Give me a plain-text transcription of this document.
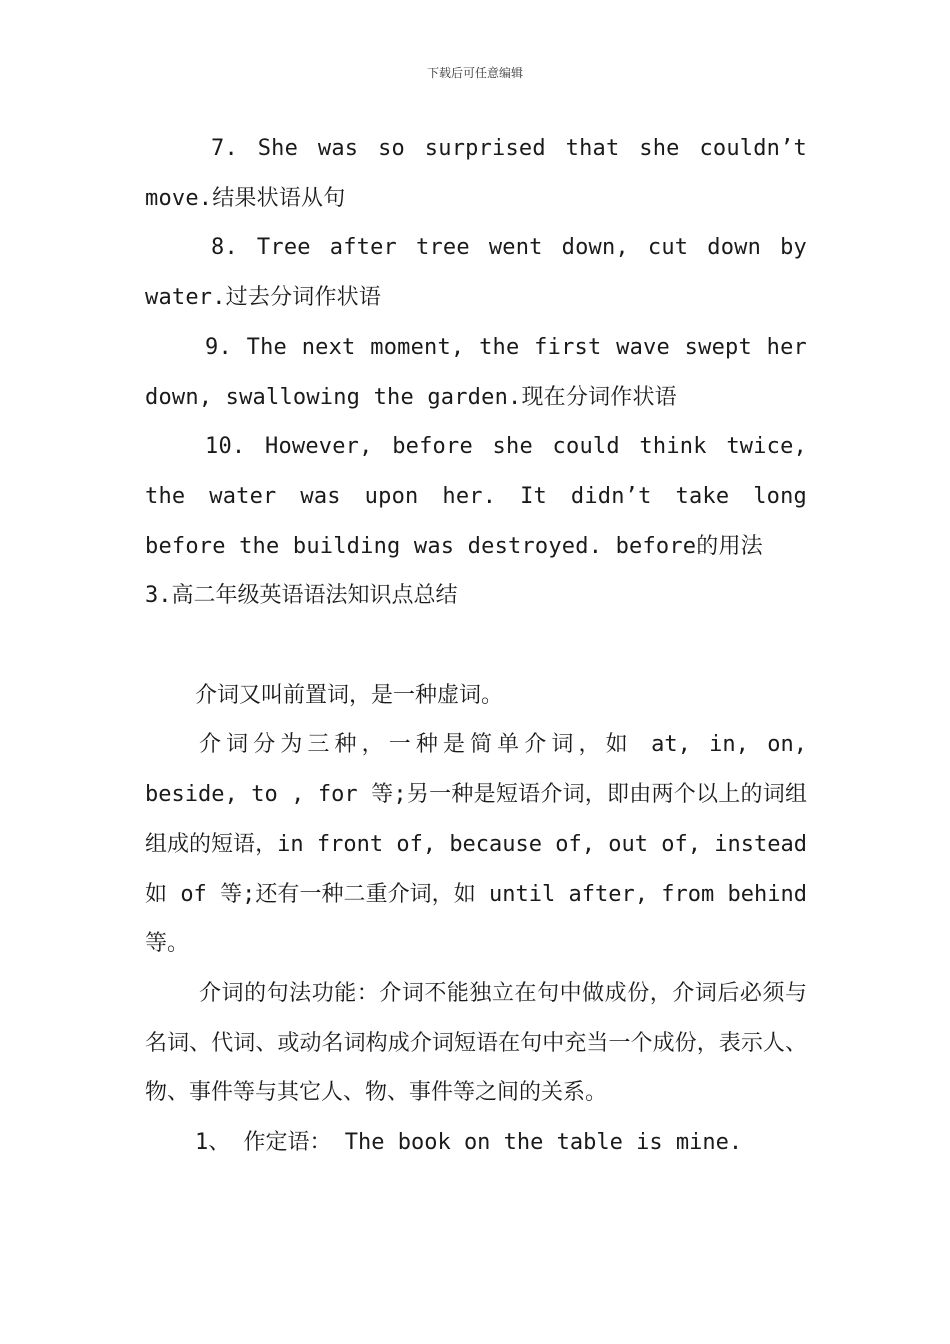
下载后可任意编辑

7. She was so surprised that she couldn’t move.结果状语从句

8. Tree after tree went down, cut down by water.过去分词作状语

9. The next moment, the first wave swept her down, swallowing the garden.现在分词作状语

10. However, before she could think twice, the water was upon her. It didn’t take long before the building was destroyed. before的用法

3.高二年级英语语法知识点总结

介词又叫前置词，是一种虚词。

介词分为三种，一种是简单介词，如 at, in, on, beside, to , for 等;另一种是短语介词，即由两个以上的词组组成的短语，in front of, because of, out of, instead 如 of 等;还有一种二重介词，如 until after, from behind 等。

介词的句法功能：介词不能独立在句中做成份，介词后必须与名词、代词、或动名词构成介词短语在句中充当一个成份，表示人、物、事件等与其它人、物、事件等之间的关系。

1、 作定语： The book on the table is mine.
